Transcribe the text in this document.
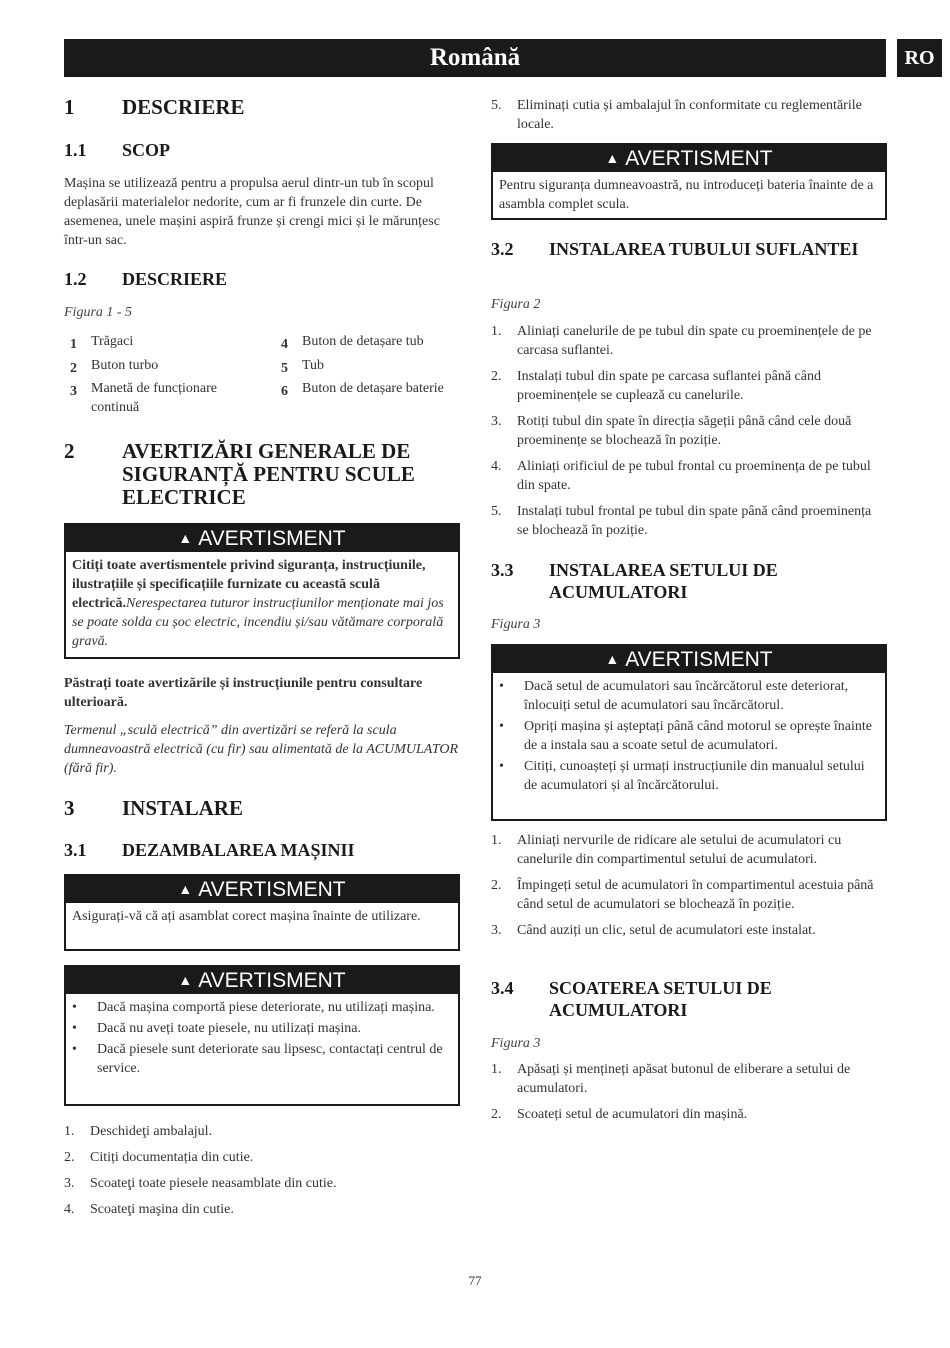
Română	RO
1 DESCRIERE
1.1 SCOP
Mașina se utilizează pentru a propulsa aerul dintr-un tub în scopul deplasării materialelor nedorite, cum ar fi frunzele din curte. De asemenea, unele mașini aspiră frunze și crengi mici și le mărunțesc într-un sac.
1.2 DESCRIERE
Figura 1 - 5
1 Trăgaci
2 Buton turbo
3 Manetă de funcționare continuă
4 Buton de detașare tub
5 Tub
6 Buton de detașare baterie
2 AVERTIZĂRI GENERALE DE SIGURANȚĂ PENTRU SCULE ELECTRICE
▲ AVERTISMENT
Citiți toate avertismentele privind siguranța, instrucțiunile, ilustrațiile și specificațiile furnizate cu această sculă electrică.Nerespectarea tuturor instrucțiunilor menționate mai jos se poate solda cu șoc electric, incendiu și/sau vătămare corporală gravă.
Păstrați toate avertizările și instrucțiunile pentru consultare ulterioară.
Termenul „sculă electrică” din avertizări se referă la scula dumneavoastră electrică (cu fir) sau alimentată de la ACUMULATOR (fără fir).
3 INSTALARE
3.1 DEZAMBALAREA MAȘINII
▲ AVERTISMENT
Asigurați-vă că ați asamblat corect mașina înainte de utilizare.
▲ AVERTISMENT
• Dacă mașina comportă piese deteriorate, nu utilizați mașina.
• Dacă nu aveți toate piesele, nu utilizați mașina.
• Dacă piesele sunt deteriorate sau lipsesc, contactați centrul de service.
1. Deschideţi ambalajul.
2. Citiți documentația din cutie.
3. Scoateţi toate piesele neasamblate din cutie.
4. Scoateţi maşina din cutie.
5. Eliminați cutia și ambalajul în conformitate cu reglementările locale.
▲ AVERTISMENT
Pentru siguranța dumneavoastră, nu introduceți bateria înainte de a asambla complet scula.
3.2 INSTALAREA TUBULUI SUFLANTEI
Figura 2
1. Aliniați canelurile de pe tubul din spate cu proeminențele de pe carcasa suflantei.
2. Instalați tubul din spate pe carcasa suflantei până când proeminențele se cuplează cu canelurile.
3. Rotiți tubul din spate în direcția săgeții până când cele două proeminențe se blochează în poziție.
4. Aliniați orificiul de pe tubul frontal cu proeminența de pe tubul din spate.
5. Instalați tubul frontal pe tubul din spate până când proeminența se blochează în poziție.
3.3 INSTALAREA SETULUI DE ACUMULATORI
Figura 3
▲ AVERTISMENT
• Dacă setul de acumulatori sau încărcătorul este deteriorat, înlocuiți setul de acumulatori sau încărcătorul.
• Opriți mașina și așteptați până când motorul se oprește înainte de a instala sau a scoate setul de acumulatori.
• Citiți, cunoașteți și urmați instrucțiunile din manualul setului de acumulatori și al încărcătorului.
1. Aliniați nervurile de ridicare ale setului de acumulatori cu canelurile din compartimentul setului de acumulatori.
2. Împingeți setul de acumulatori în compartimentul acestuia până când setul de acumulatori se blochează în poziție.
3. Când auziți un clic, setul de acumulatori este instalat.
3.4 SCOATEREA SETULUI DE ACUMULATORI
Figura 3
1. Apăsați și mențineți apăsat butonul de eliberare a setului de acumulatori.
2. Scoateți setul de acumulatori din mașină.
77
